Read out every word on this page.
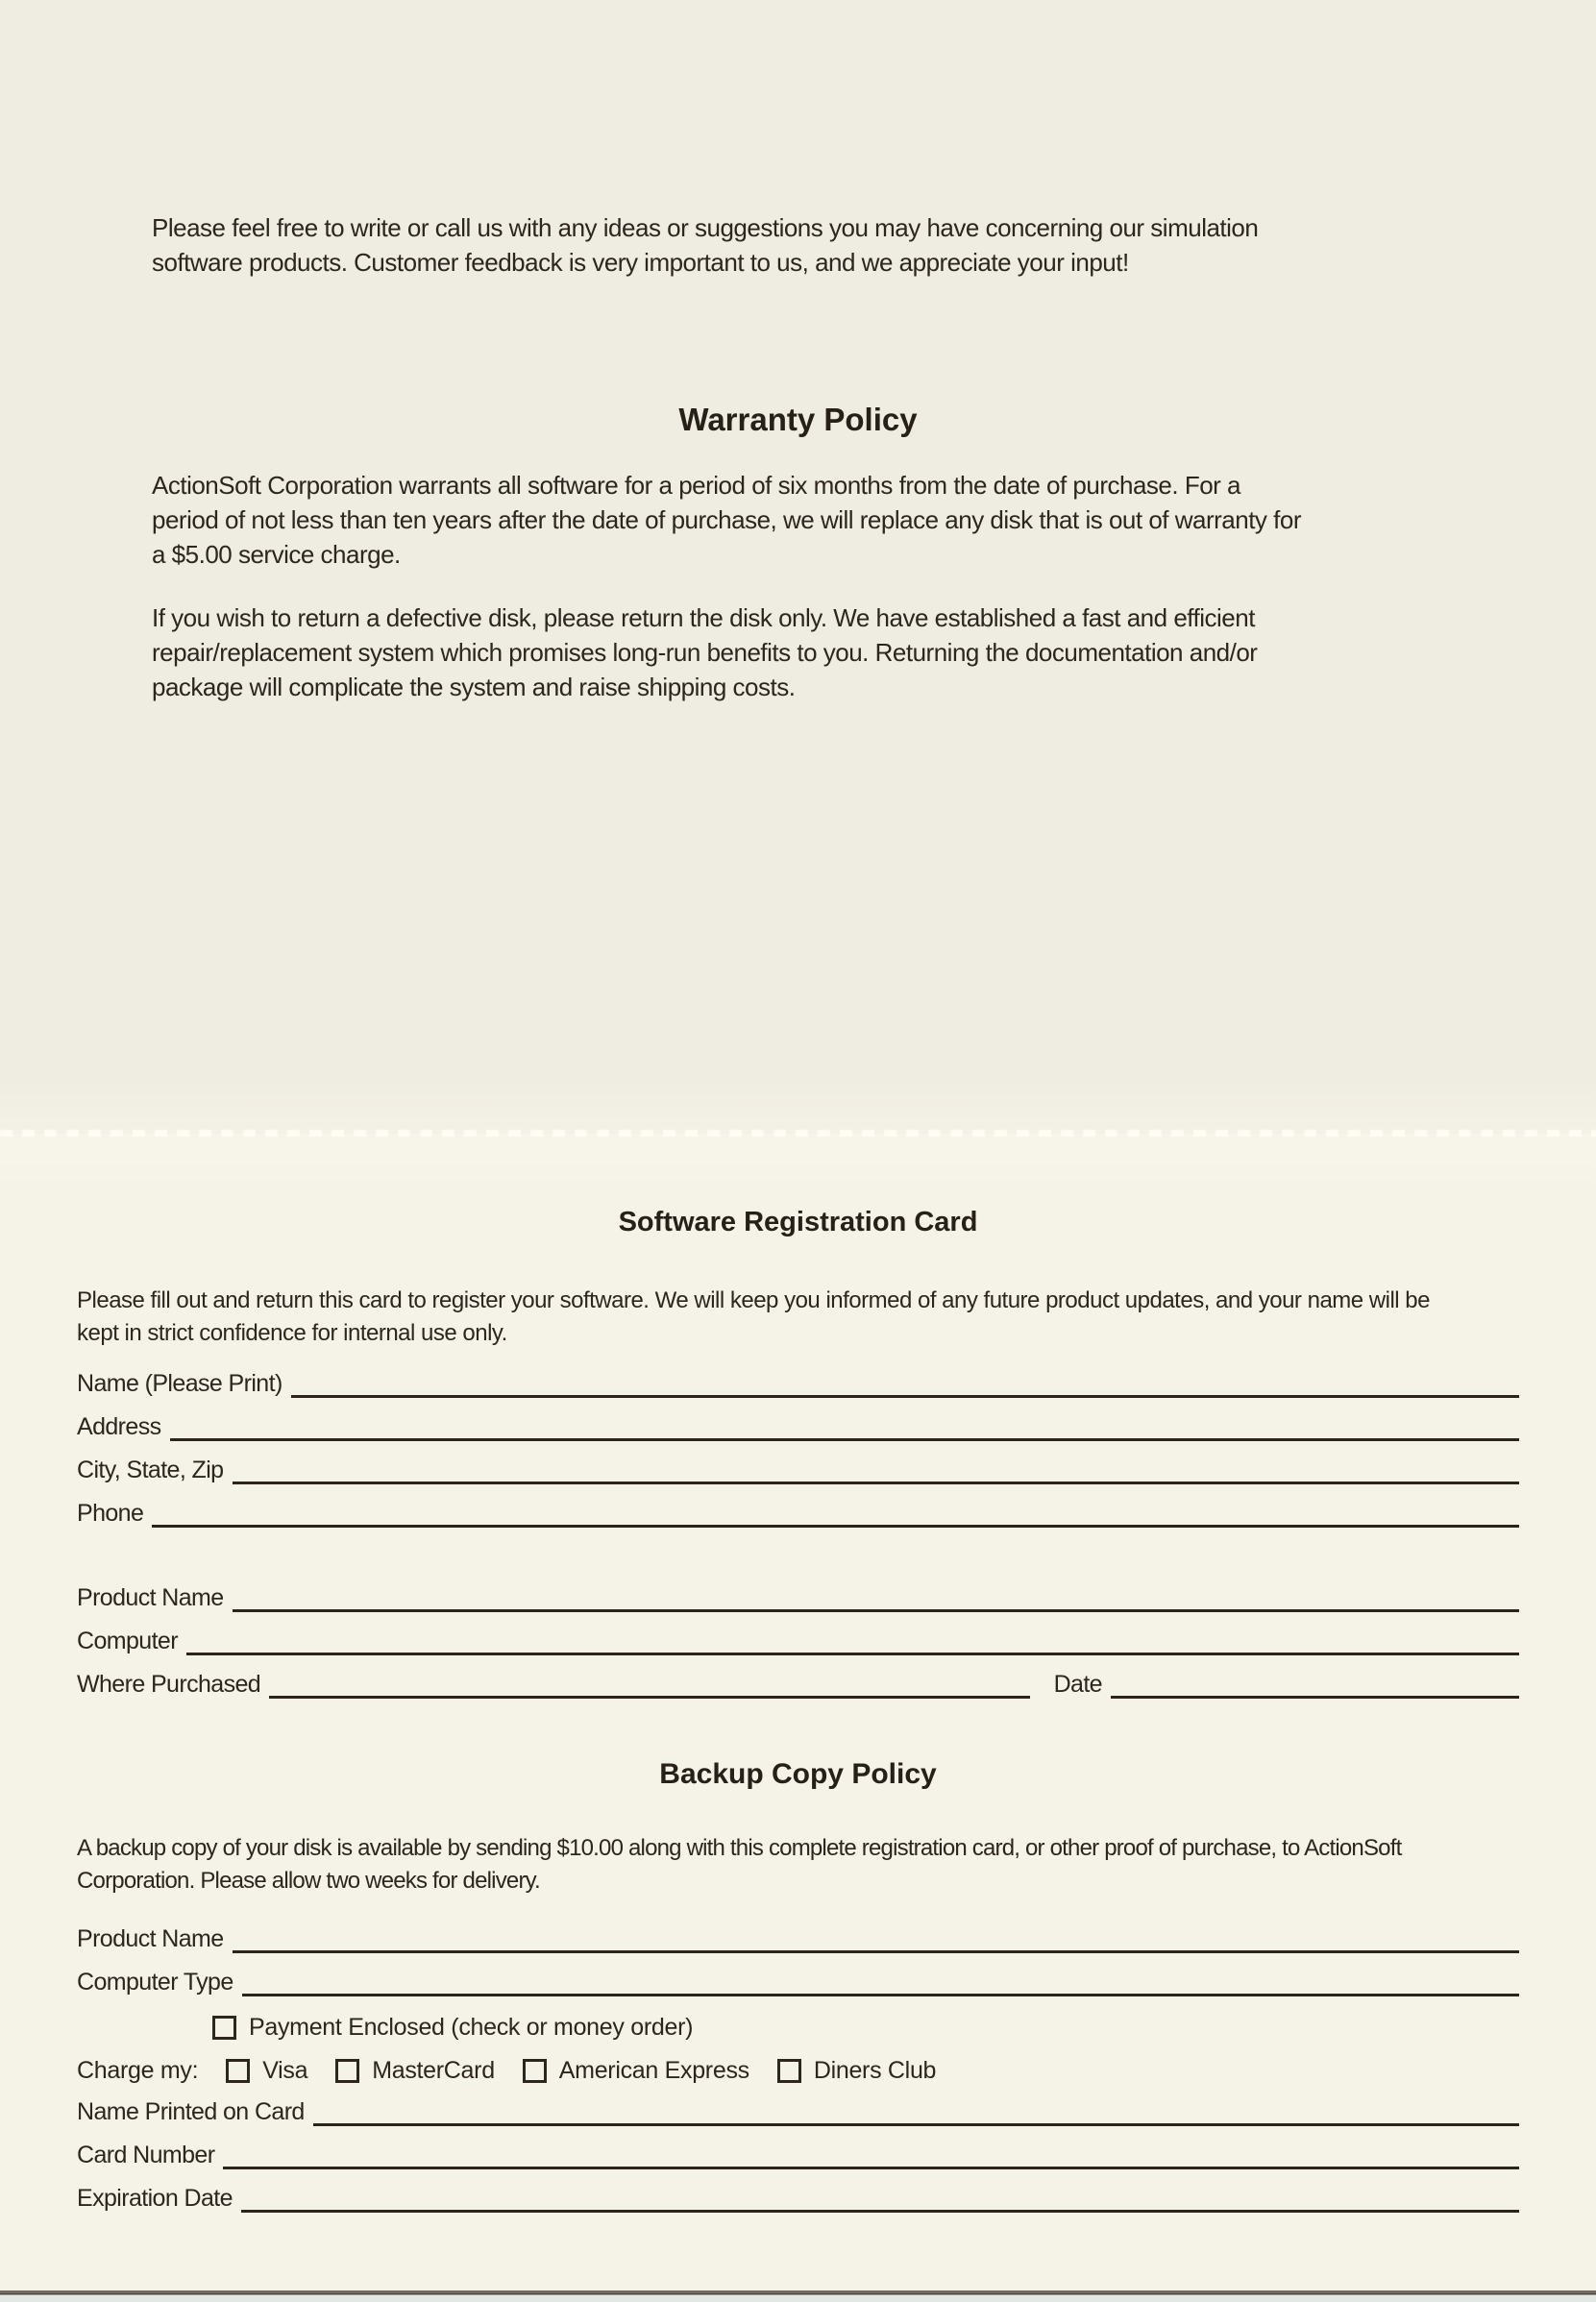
Please feel free to write or call us with any ideas or suggestions you may have concerning our simulation
software products. Customer feedback is very important to us, and we appreciate your input!
Warranty Policy
ActionSoft Corporation warrants all software for a period of six months from the date of purchase. For a
period of not less than ten years after the date of purchase, we will replace any disk that is out of warranty for
a $5.00 service charge.
If you wish to return a defective disk, please return the disk only. We have established a fast and efficient
repair/replacement system which promises long-run benefits to you. Returning the documentation and/or
package will complicate the system and raise shipping costs.
Software Registration Card
Please fill out and return this card to register your software. We will keep you informed of any future product updates, and your name will be
kept in strict confidence for internal use only.
Name (Please Print)
Address
City, State, Zip
Phone
Product Name
Computer
Where Purchased	Date
Backup Copy Policy
A backup copy of your disk is available by sending $10.00 along with this complete registration card, or other proof of purchase, to ActionSoft
Corporation. Please allow two weeks for delivery.
Product Name
Computer Type
Payment Enclosed (check or money order)
Charge my:	Visa	MasterCard	American Express	Diners Club
Name Printed on Card
Card Number
Expiration Date
